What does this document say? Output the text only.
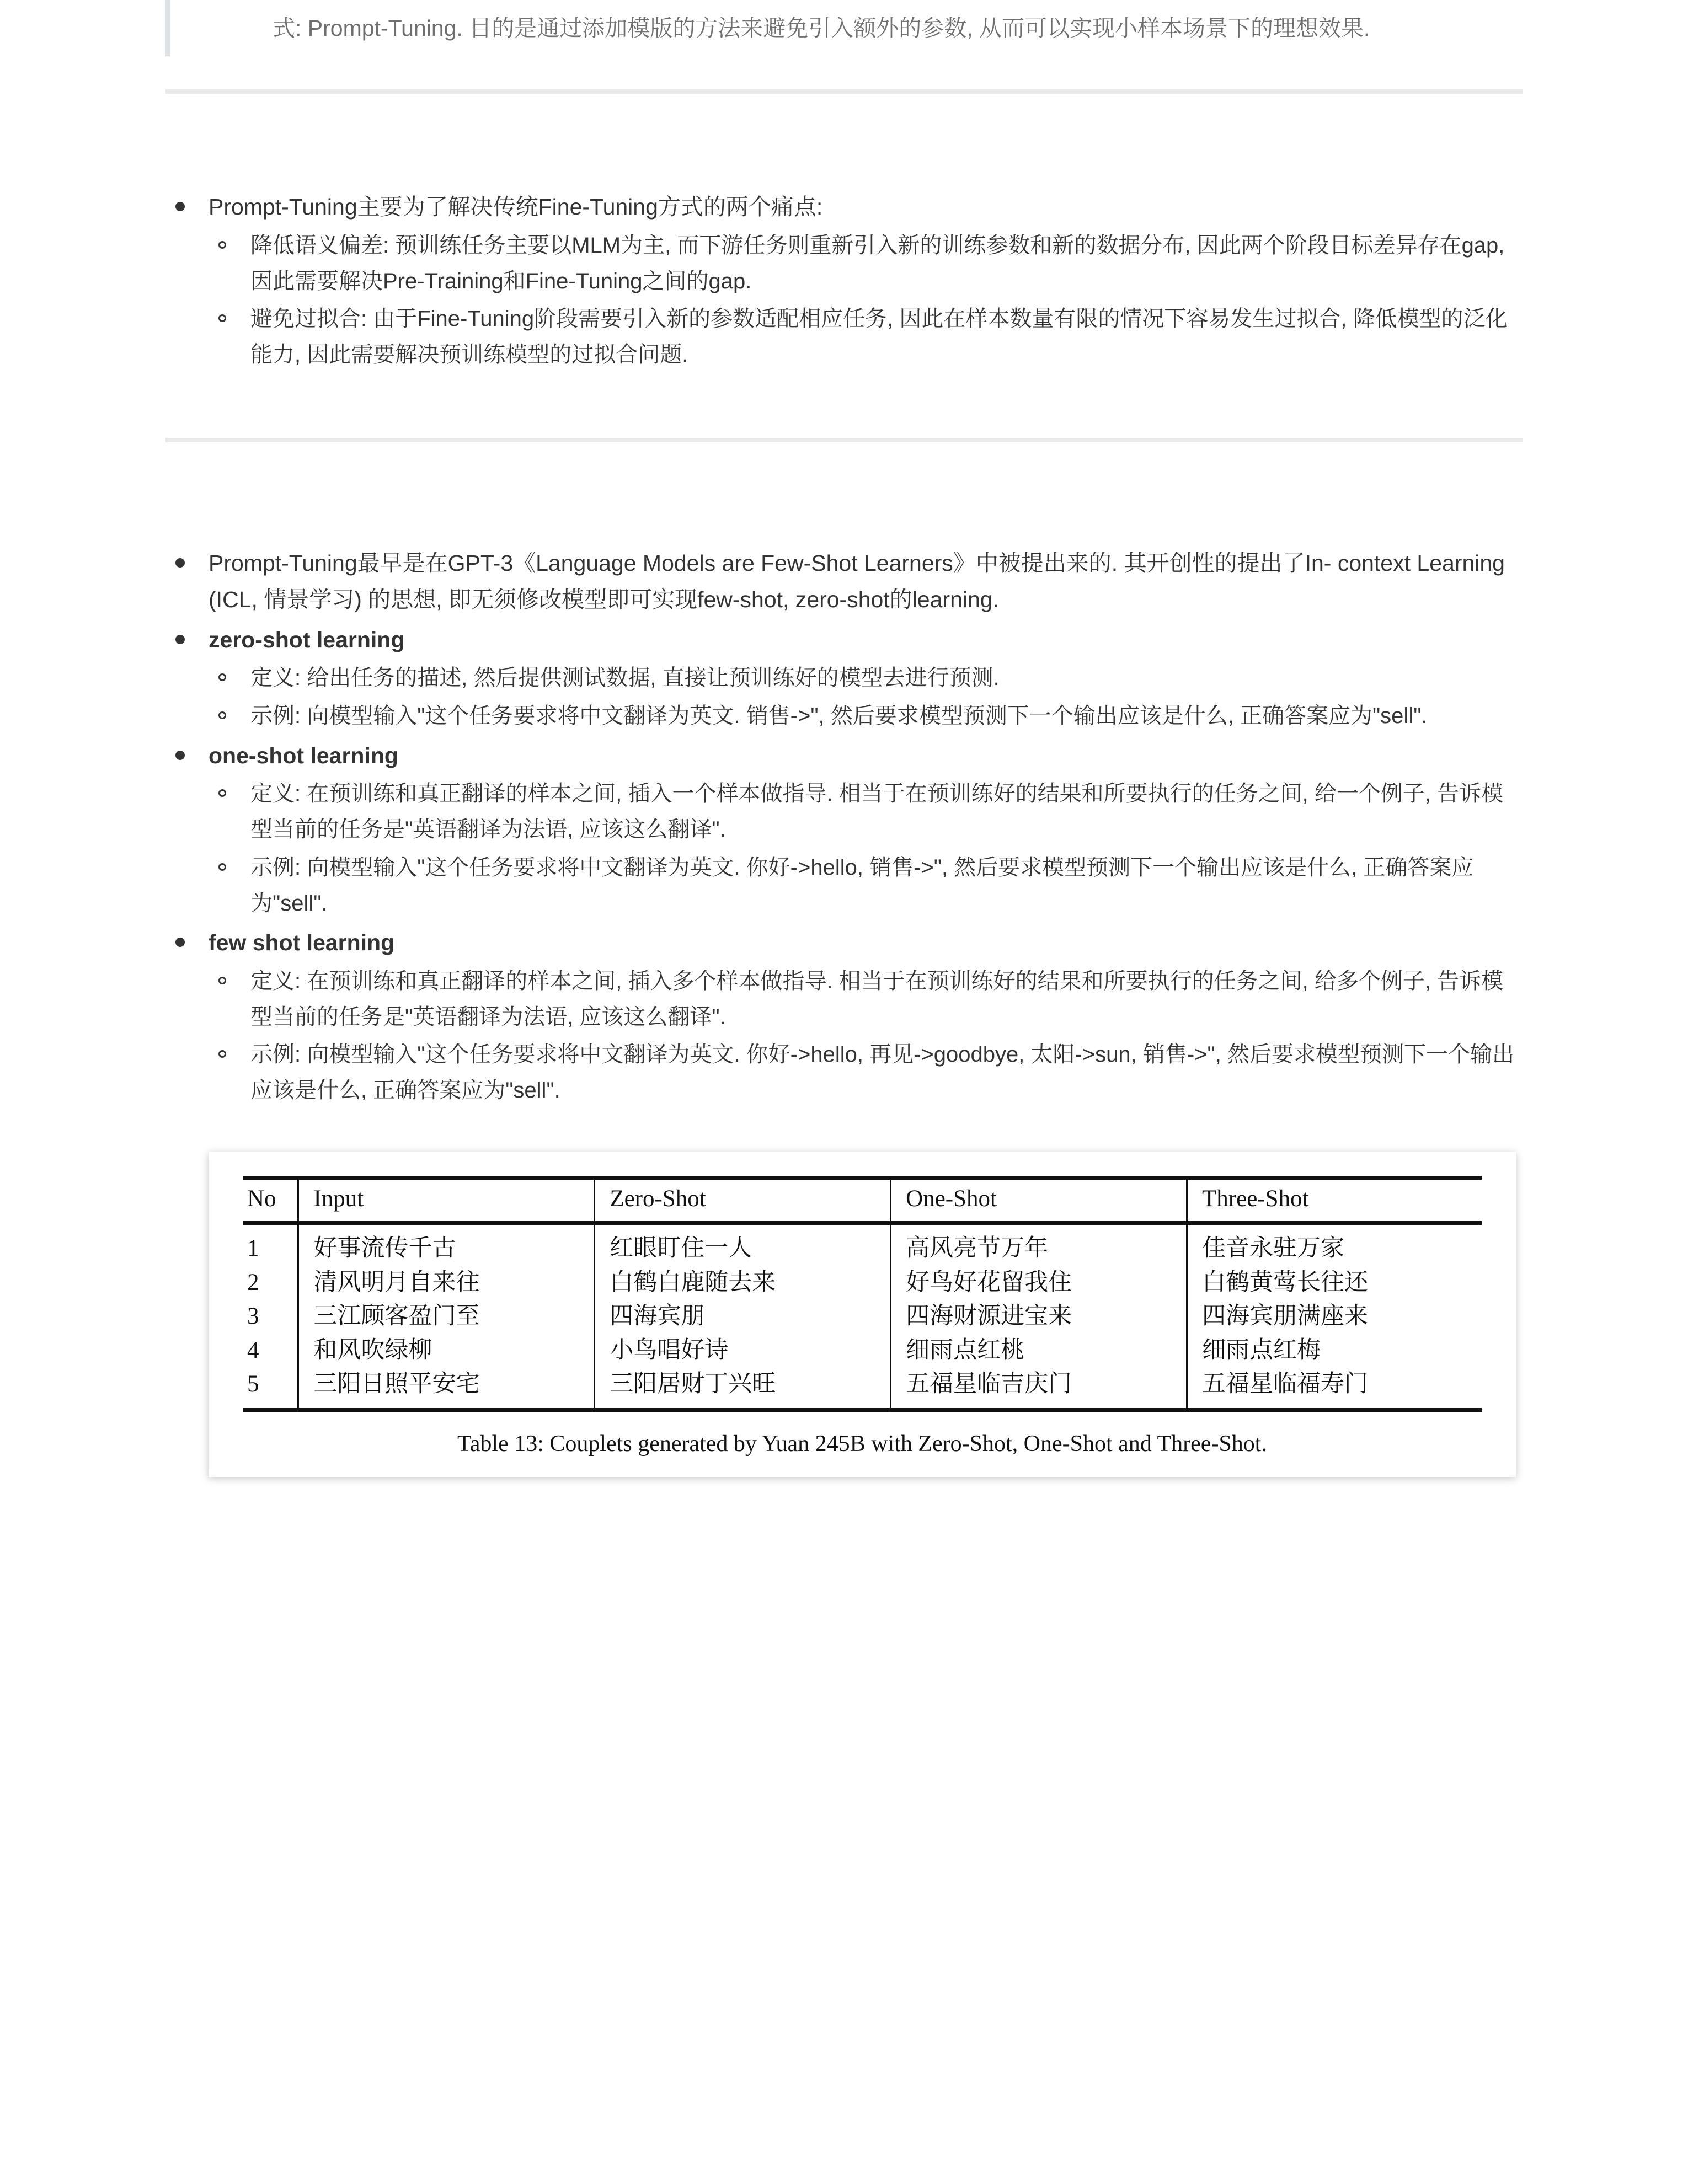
式: Prompt-Tuning. 目的是通过添加模版的方法来避免引入额外的参数, 从而可以实现小样本场景下的理想效果.
Prompt-Tuning主要为了解决传统Fine-Tuning方式的两个痛点:
降低语义偏差: 预训练任务主要以MLM为主, 而下游任务则重新引入新的训练参数和新的数据分布, 因此两个阶段目标差异存在gap, 因此需要解决Pre-Training和Fine-Tuning之间的gap.
避免过拟合: 由于Fine-Tuning阶段需要引入新的参数适配相应任务, 因此在样本数量有限的情况下容易发生过拟合, 降低模型的泛化能力, 因此需要解决预训练模型的过拟合问题.
Prompt-Tuning最早是在GPT-3《Language Models are Few-Shot Learners》中被提出来的. 其开创性的提出了In- context Learning (ICL, 情景学习) 的思想, 即无须修改模型即可实现few-shot, zero-shot的learning.
zero-shot learning
定义: 给出任务的描述, 然后提供测试数据, 直接让预训练好的模型去进行预测.
示例: 向模型输入"这个任务要求将中文翻译为英文. 销售->", 然后要求模型预测下一个输出应该是什么, 正确答案应为"sell".
one-shot learning
定义: 在预训练和真正翻译的样本之间, 插入一个样本做指导. 相当于在预训练好的结果和所要执行的任务之间, 给一个例子, 告诉模型当前的任务是"英语翻译为法语, 应该这么翻译".
示例: 向模型输入"这个任务要求将中文翻译为英文. 你好->hello, 销售->", 然后要求模型预测下一个输出应该是什么, 正确答案应为"sell".
few shot learning
定义: 在预训练和真正翻译的样本之间, 插入多个样本做指导. 相当于在预训练好的结果和所要执行的任务之间, 给多个例子, 告诉模型当前的任务是"英语翻译为法语, 应该这么翻译".
示例: 向模型输入"这个任务要求将中文翻译为英文. 你好->hello, 再见->goodbye, 太阳->sun, 销售->", 然后要求模型预测下一个输出应该是什么, 正确答案应为"sell".
No	Input	Zero-Shot	One-Shot	Three-Shot
1	好事流传千古	红眼盯住一人	高风亮节万年	佳音永驻万家
2	清风明月自来往	白鹤白鹿随去来	好鸟好花留我住	白鹤黄莺长往还
3	三江顾客盈门至	四海宾朋	四海财源进宝来	四海宾朋满座来
4	和风吹绿柳	小鸟唱好诗	细雨点红桃	细雨点红梅
5	三阳日照平安宅	三阳居财丁兴旺	五福星临吉庆门	五福星临福寿门
Table 13: Couplets generated by Yuan 245B with Zero-Shot, One-Shot and Three-Shot.
